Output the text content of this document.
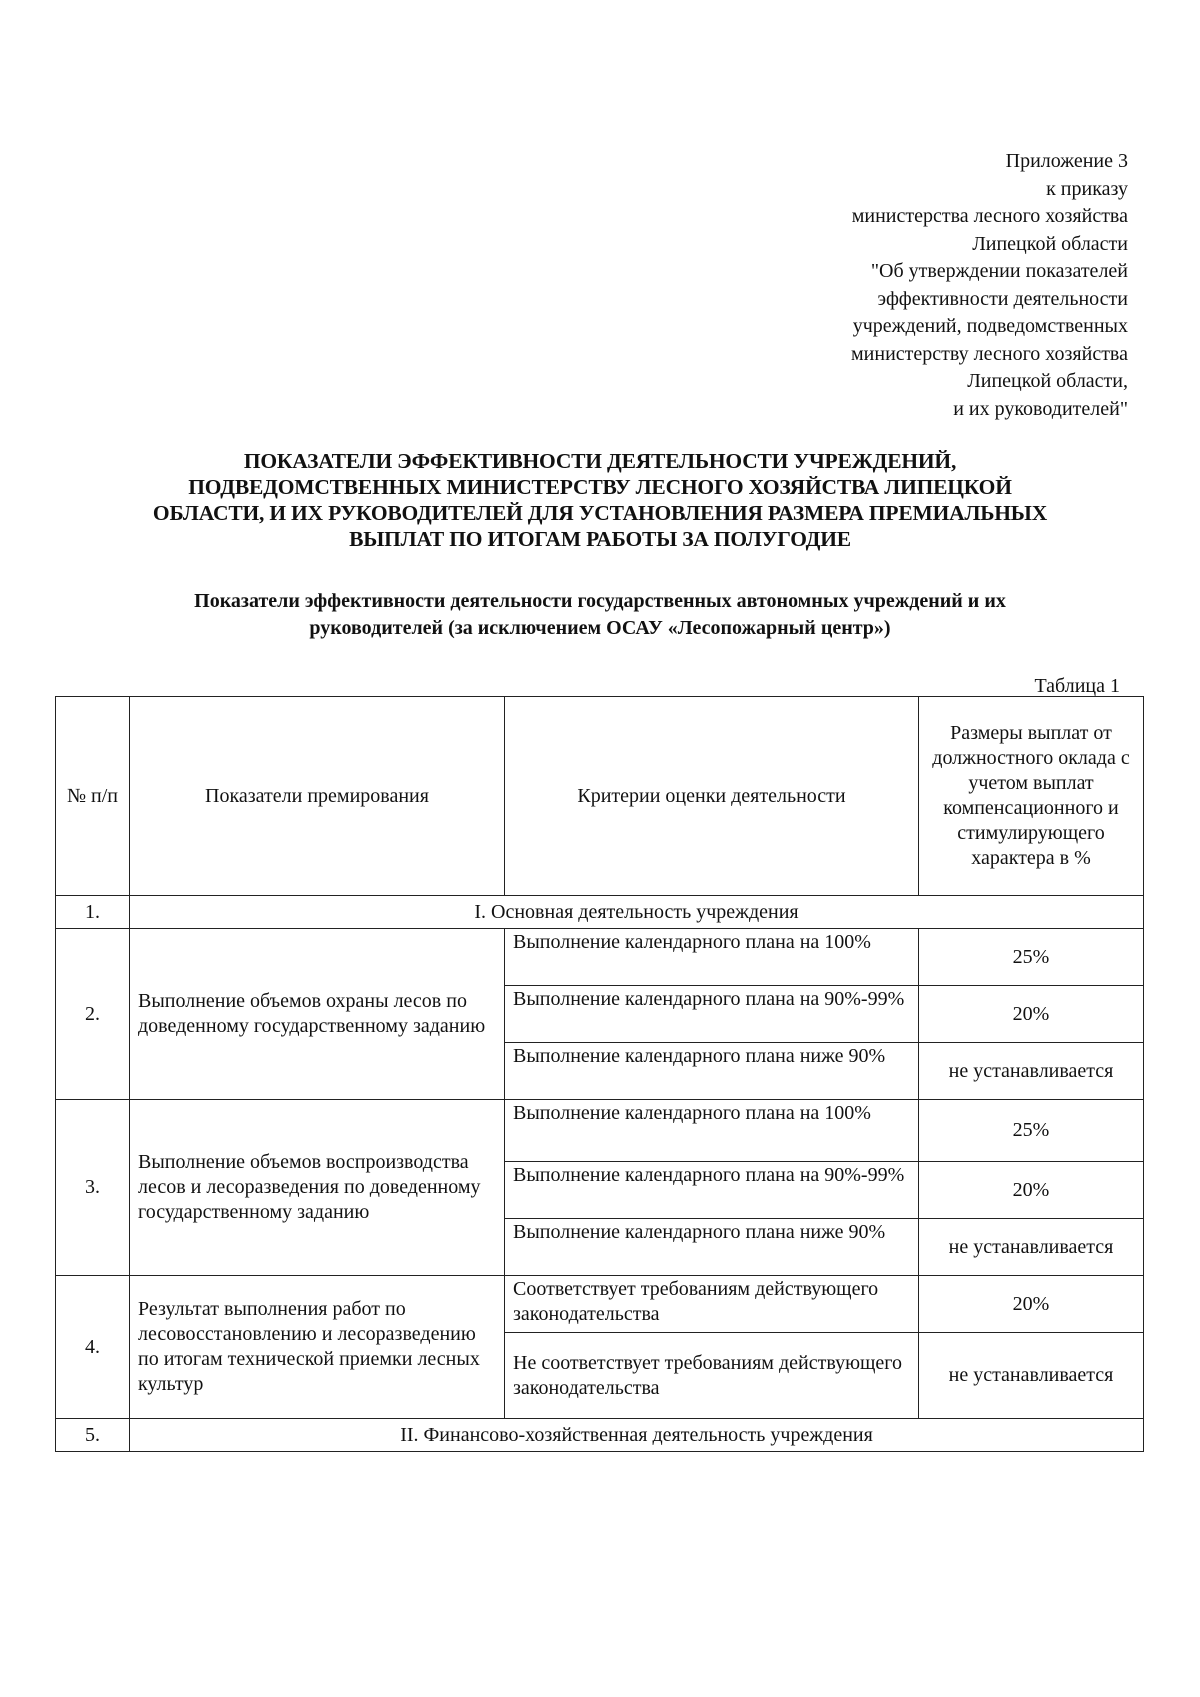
Приложение 3
к приказу
министерства лесного хозяйства
Липецкой области
"Об утверждении показателей
эффективности деятельности
учреждений, подведомственных
министерству лесного хозяйства
Липецкой области,
и их руководителей"
ПОКАЗАТЕЛИ ЭФФЕКТИВНОСТИ ДЕЯТЕЛЬНОСТИ УЧРЕЖДЕНИЙ,
ПОДВЕДОМСТВЕННЫХ МИНИСТЕРСТВУ ЛЕСНОГО ХОЗЯЙСТВА ЛИПЕЦКОЙ
ОБЛАСТИ, И ИХ РУКОВОДИТЕЛЕЙ ДЛЯ УСТАНОВЛЕНИЯ РАЗМЕРА ПРЕМИАЛЬНЫХ
ВЫПЛАТ ПО ИТОГАМ РАБОТЫ ЗА ПОЛУГОДИЕ
Показатели эффективности деятельности государственных автономных учреждений и их
руководителей (за исключением ОСАУ «Лесопожарный центр»)
Таблица 1
№ п/п	Показатели премирования	Критерии оценки деятельности	Размеры выплат от должностного оклада с учетом выплат компенсационного и стимулирующего характера в %
1.	I. Основная деятельность учреждения		
2.	Выполнение объемов охраны лесов по доведенному государственному заданию	Выполнение календарного плана на 100%	25%
		Выполнение календарного плана на 90%-99%	20%
		Выполнение календарного плана ниже 90%	не устанавливается
3.	Выполнение объемов воспроизводства лесов и лесоразведения по доведенному государственному заданию	Выполнение календарного плана на 100%	25%
		Выполнение календарного плана на 90%-99%	20%
		Выполнение календарного плана ниже 90%	не устанавливается
4.	Результат выполнения работ по лесовосстановлению и лесоразведению по итогам технической приемки лесных культур	Соответствует требованиям действующего законодательства	20%
		Не соответствует требованиям действующего законодательства	не устанавливается
5.	II. Финансово-хозяйственная деятельность учреждения		
